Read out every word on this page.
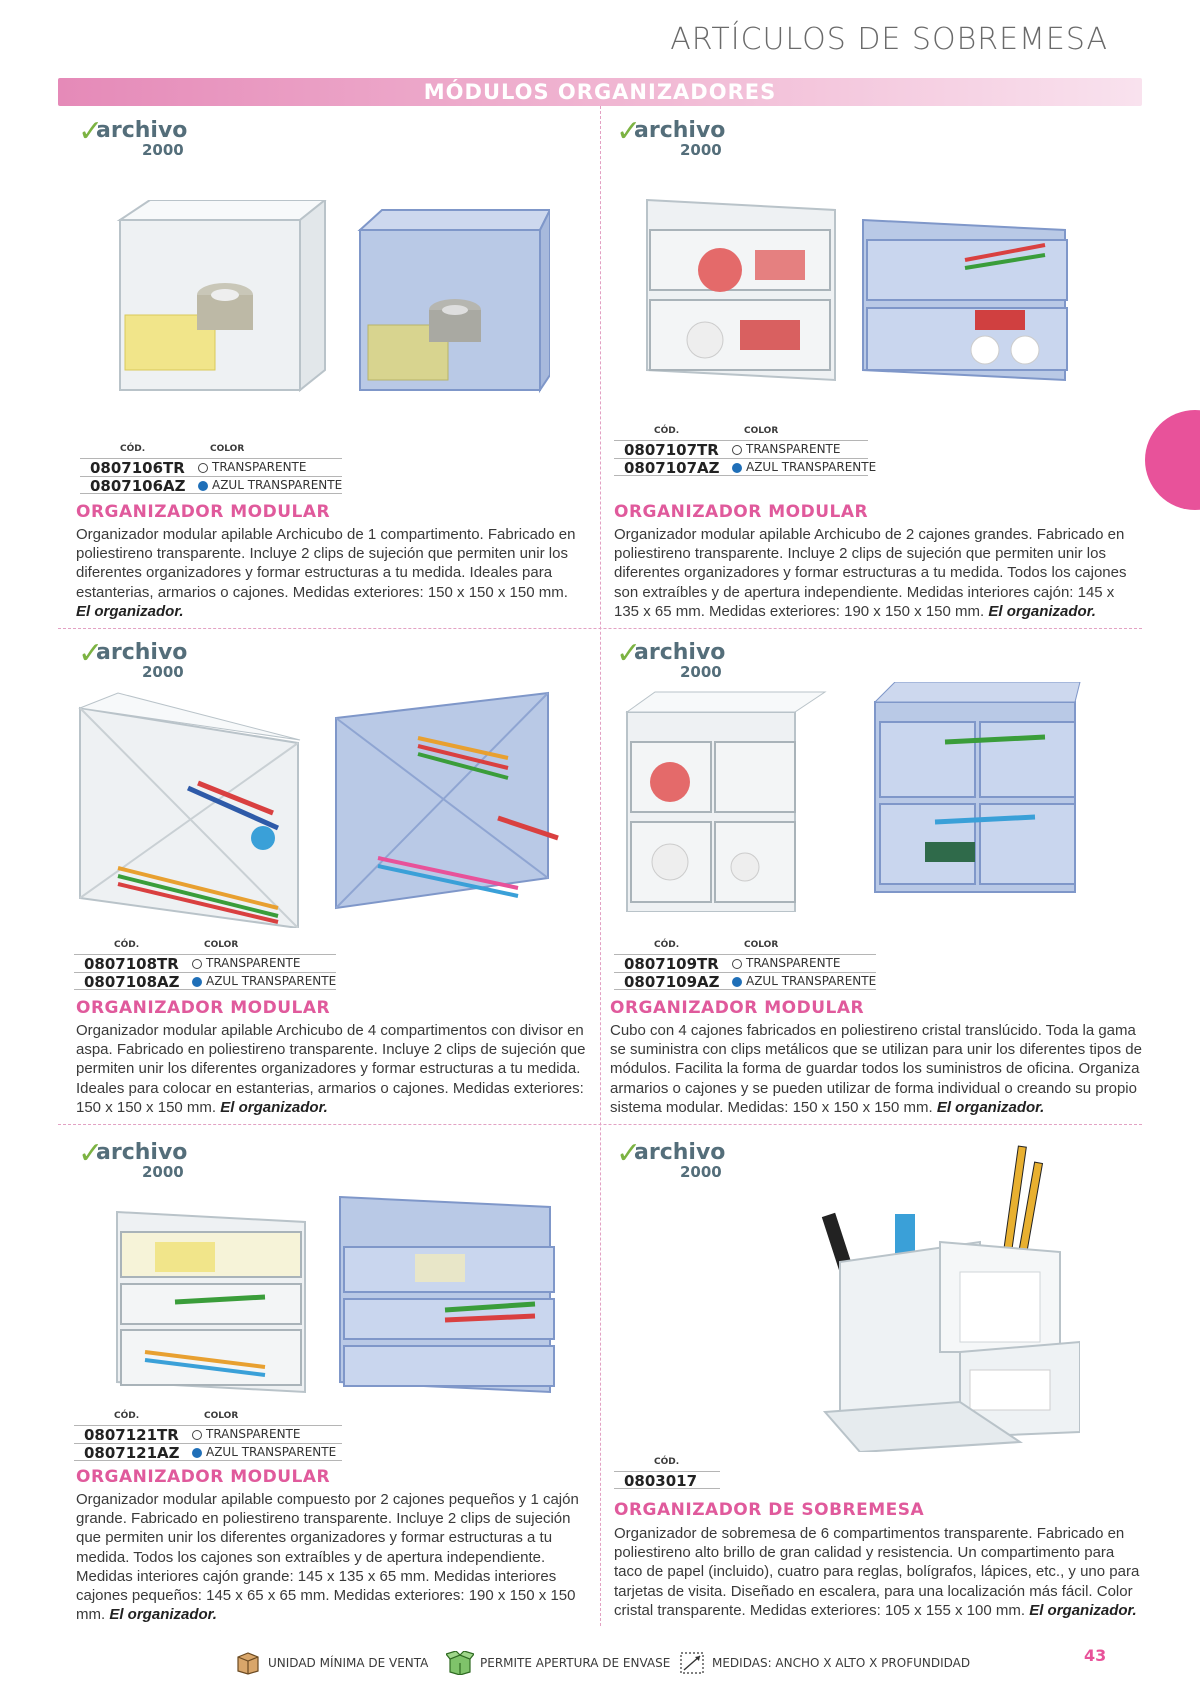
ARTÍCULOS DE SOBREMESA
MÓDULOS ORGANIZADORES
✓
archivo
2000
CÓD.	COLOR
0807106TR TRANSPARENTE
0807106AZ AZUL TRANSPARENTE
ORGANIZADOR MODULAR
Organizador modular apilable Archicubo de 1 compartimento. Fabricado en poliestireno transparente. Incluye 2 clips de sujeción que permiten unir los diferentes organizadores y formar estructuras a tu medida. Ideales para estanterias, armarios o cajones. Medidas exteriores: 150 x 150 x 150 mm. El organizador.
✓
archivo
2000
CÓD.	COLOR
0807107TR TRANSPARENTE
0807107AZ AZUL TRANSPARENTE
ORGANIZADOR MODULAR
Organizador modular apilable Archicubo de 2 cajones grandes. Fabricado en poliestireno transparente. Incluye 2 clips de sujeción que permiten unir los diferentes organizadores y formar estructuras a tu medida. Todos los cajones son extraíbles y de apertura independiente. Medidas interiores cajón: 145 x 135 x 65 mm. Medidas exteriores: 190 x 150 x 150 mm. El organizador.
✓
archivo
2000
CÓD.	COLOR
0807108TR TRANSPARENTE
0807108AZ AZUL TRANSPARENTE
ORGANIZADOR MODULAR
Organizador modular apilable Archicubo de 4 compartimentos con divisor en aspa. Fabricado en poliestireno transparente. Incluye 2 clips de sujeción que permiten unir los diferentes organizadores y formar estructuras a tu medida. Ideales para colocar en estanterias, armarios o cajones. Medidas exteriores: 150 x 150 x 150 mm. El organizador.
✓
archivo
2000
CÓD.	COLOR
0807109TR TRANSPARENTE
0807109AZ AZUL TRANSPARENTE
ORGANIZADOR MODULAR
Cubo con 4 cajones fabricados en poliestireno cristal translúcido. Toda la gama se suministra con clips metálicos que se utilizan para unir los diferentes tipos de módulos. Facilita la forma de guardar todos los suministros de oficina. Organiza armarios o cajones y se pueden utilizar de forma individual o creando su propio sistema modular. Medidas: 150 x 150 x 150 mm. El organizador.
✓
archivo
2000
CÓD.	COLOR
0807121TR TRANSPARENTE
0807121AZ AZUL TRANSPARENTE
ORGANIZADOR MODULAR
Organizador modular apilable compuesto por 2 cajones pequeños y 1 cajón grande. Fabricado en poliestireno transparente. Incluye 2 clips de sujeción que permiten unir los diferentes organizadores y formar estructuras a tu medida. Todos los cajones son extraíbles y de apertura independiente. Medidas interiores cajón grande: 145 x 135 x 65 mm. Medidas interiores cajones pequeños: 145 x 65 x 65 mm. Medidas exteriores: 190 x 150 x 150 mm. El organizador.
✓
archivo
2000
CÓD.
0803017
ORGANIZADOR DE SOBREMESA
Organizador de sobremesa de 6 compartimentos transparente. Fabricado en poliestireno alto brillo de gran calidad y resistencia. Un compartimento para taco de papel (incluido), cuatro para reglas, bolígrafos, lápices, etc., y uno para tarjetas de visita. Diseñado en escalera, para una localización más fácil. Color cristal transparente. Medidas exteriores: 105 x 155 x 100 mm. El organizador.
UNIDAD MÍNIMA DE VENTA	PERMITE APERTURA DE ENVASE	MEDIDAS: ANCHO X ALTO X PROFUNDIDAD	43
